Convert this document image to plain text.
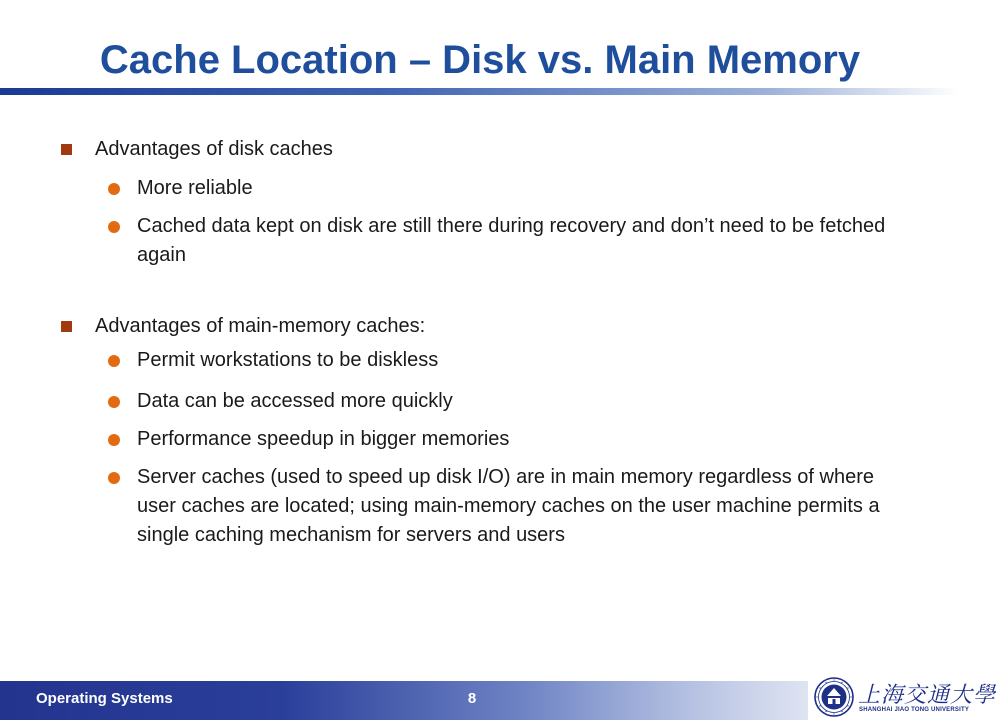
Cache Location – Disk vs. Main Memory
Advantages of disk caches
More reliable
Cached data kept on disk are still there during recovery and don’t need to be fetched again
Advantages of main-memory caches:
Permit workstations to be diskless
Data can be accessed more quickly
Performance speedup in bigger memories
Server caches (used to speed up disk I/O) are in main memory regardless of where user caches are located; using main-memory caches on the user machine permits a single caching mechanism for servers and users
Operating Systems	8	上海交通大學
SHANGHAI JIAO TONG UNIVERSITY
